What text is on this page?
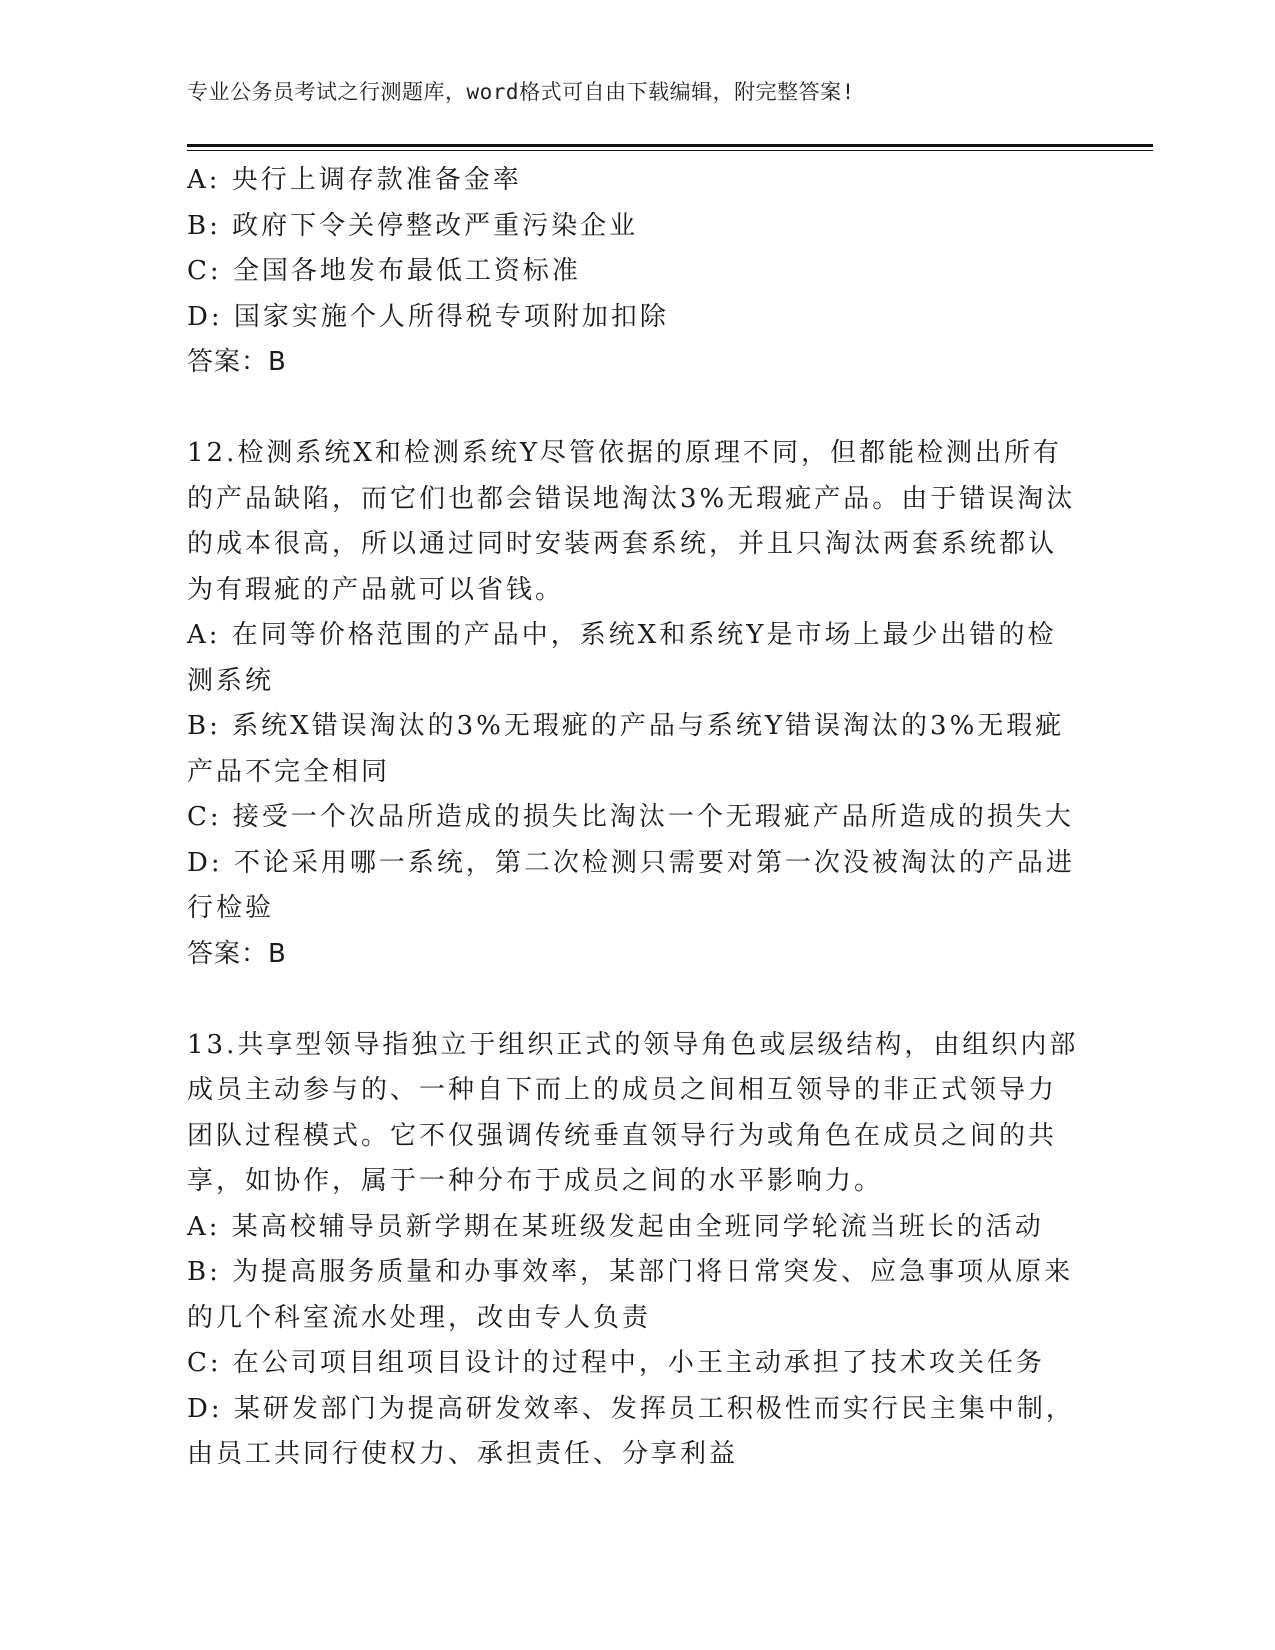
专业公务员考试之行测题库，word格式可自由下载编辑，附完整答案!
A: 央行上调存款准备金率
B: 政府下令关停整改严重污染企业
C: 全国各地发布最低工资标准
D: 国家实施个人所得税专项附加扣除
答案：B
12.检测系统X和检测系统Y尽管依据的原理不同，但都能检测出所有
的产品缺陷，而它们也都会错误地淘汰3%无瑕疵产品。由于错误淘汰
的成本很高，所以通过同时安装两套系统，并且只淘汰两套系统都认
为有瑕疵的产品就可以省钱。
A: 在同等价格范围的产品中，系统X和系统Y是市场上最少出错的检
测系统
B: 系统X错误淘汰的3%无瑕疵的产品与系统Y错误淘汰的3%无瑕疵
产品不完全相同
C: 接受一个次品所造成的损失比淘汰一个无瑕疵产品所造成的损失大
D: 不论采用哪一系统，第二次检测只需要对第一次没被淘汰的产品进
行检验
答案：B
13.共享型领导指独立于组织正式的领导角色或层级结构，由组织内部
成员主动参与的、一种自下而上的成员之间相互领导的非正式领导力
团队过程模式。它不仅强调传统垂直领导行为或角色在成员之间的共
享，如协作，属于一种分布于成员之间的水平影响力。
A: 某高校辅导员新学期在某班级发起由全班同学轮流当班长的活动
B: 为提高服务质量和办事效率，某部门将日常突发、应急事项从原来
的几个科室流水处理，改由专人负责
C: 在公司项目组项目设计的过程中，小王主动承担了技术攻关任务
D: 某研发部门为提高研发效率、发挥员工积极性而实行民主集中制，
由员工共同行使权力、承担责任、分享利益
